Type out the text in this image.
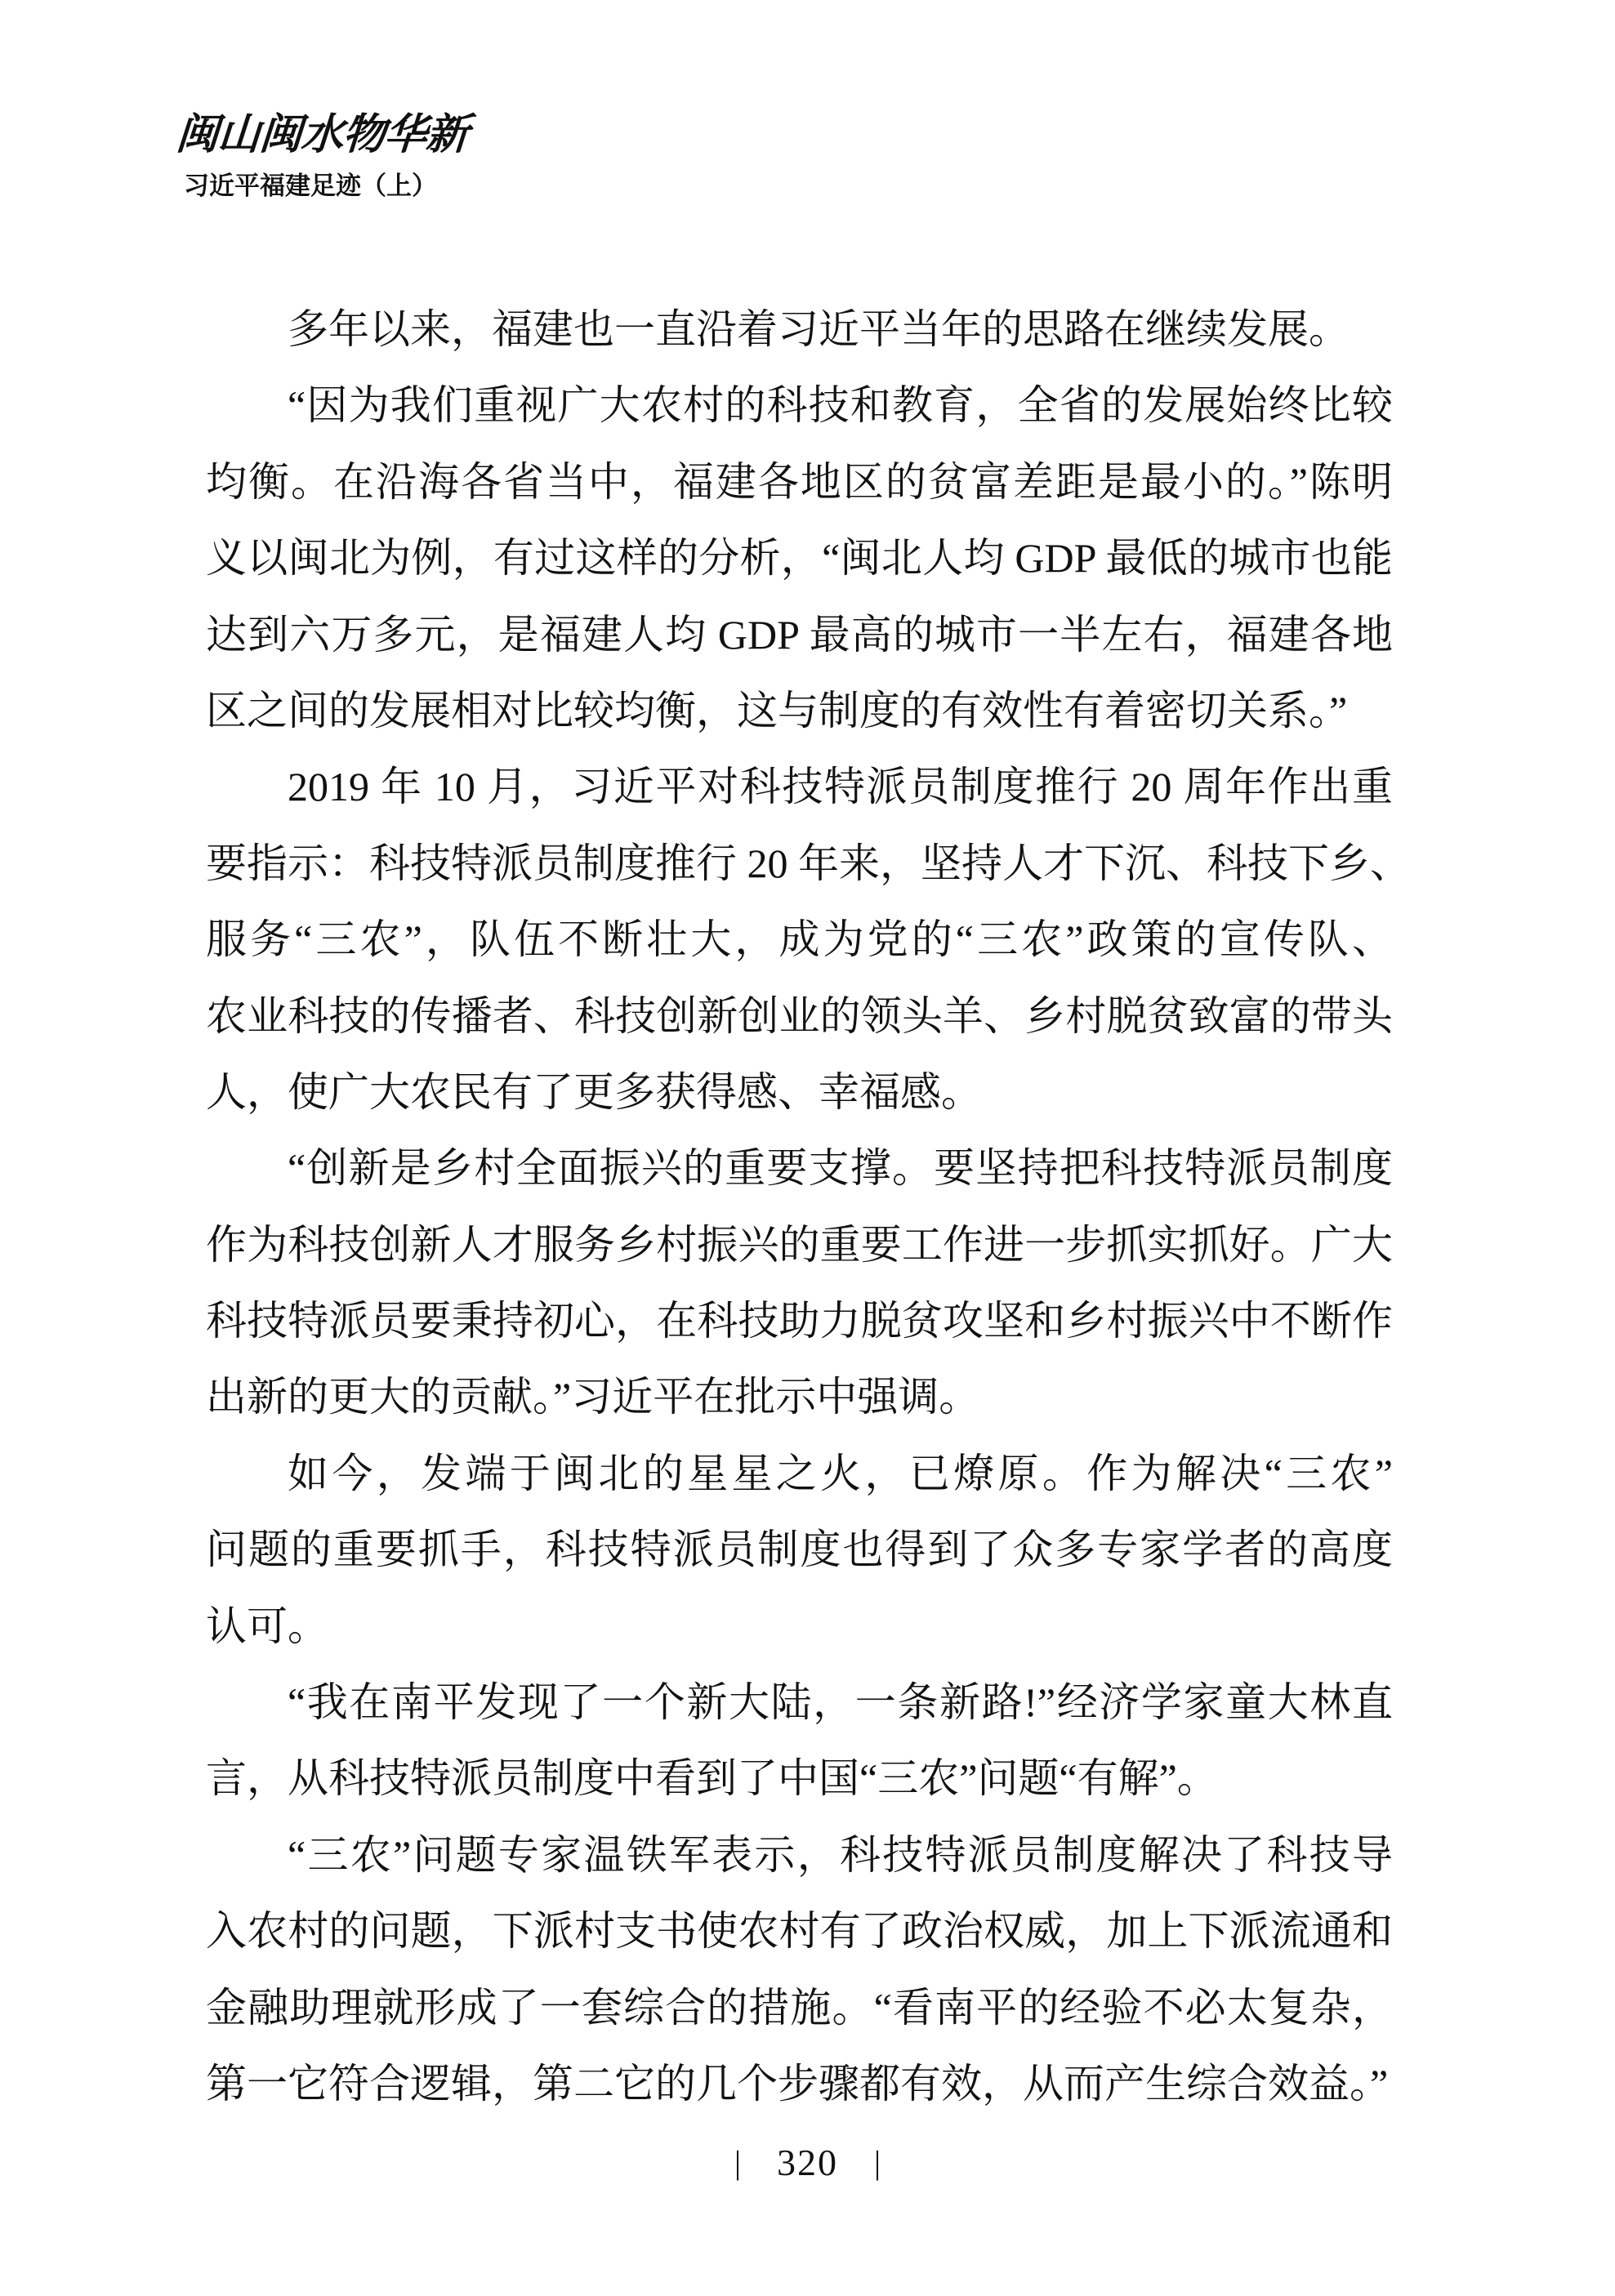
闽山闽水物华新
习近平福建足迹（上）
多年以来，福建也一直沿着习近平当年的思路在继续发展。
“因为我们重视广大农村的科技和教育，全省的发展始终比较
均衡。在沿海各省当中，福建各地区的贫富差距是最小的。”陈明
义以闽北为例，有过这样的分析，“闽北人均 GDP 最低的城市也能
达到六万多元，是福建人均 GDP 最高的城市一半左右，福建各地
区之间的发展相对比较均衡，这与制度的有效性有着密切关系。”
2019 年 10 月，习近平对科技特派员制度推行 20 周年作出重
要指示：科技特派员制度推行 20 年来，坚持人才下沉、科技下乡、
服务“三农”，队伍不断壮大，成为党的“三农”政策的宣传队、
农业科技的传播者、科技创新创业的领头羊、乡村脱贫致富的带头
人，使广大农民有了更多获得感、幸福感。
“创新是乡村全面振兴的重要支撑。要坚持把科技特派员制度
作为科技创新人才服务乡村振兴的重要工作进一步抓实抓好。广大
科技特派员要秉持初心，在科技助力脱贫攻坚和乡村振兴中不断作
出新的更大的贡献。”习近平在批示中强调。
如今，发端于闽北的星星之火，已燎原。作为解决“三农”
问题的重要抓手，科技特派员制度也得到了众多专家学者的高度
认可。
“我在南平发现了一个新大陆，一条新路!”经济学家童大林直
言，从科技特派员制度中看到了中国“三农”问题“有解”。
“三农”问题专家温铁军表示，科技特派员制度解决了科技导
入农村的问题，下派村支书使农村有了政治权威，加上下派流通和
金融助理就形成了一套综合的措施。“看南平的经验不必太复杂，
第一它符合逻辑，第二它的几个步骤都有效，从而产生综合效益。”
| 320 |
